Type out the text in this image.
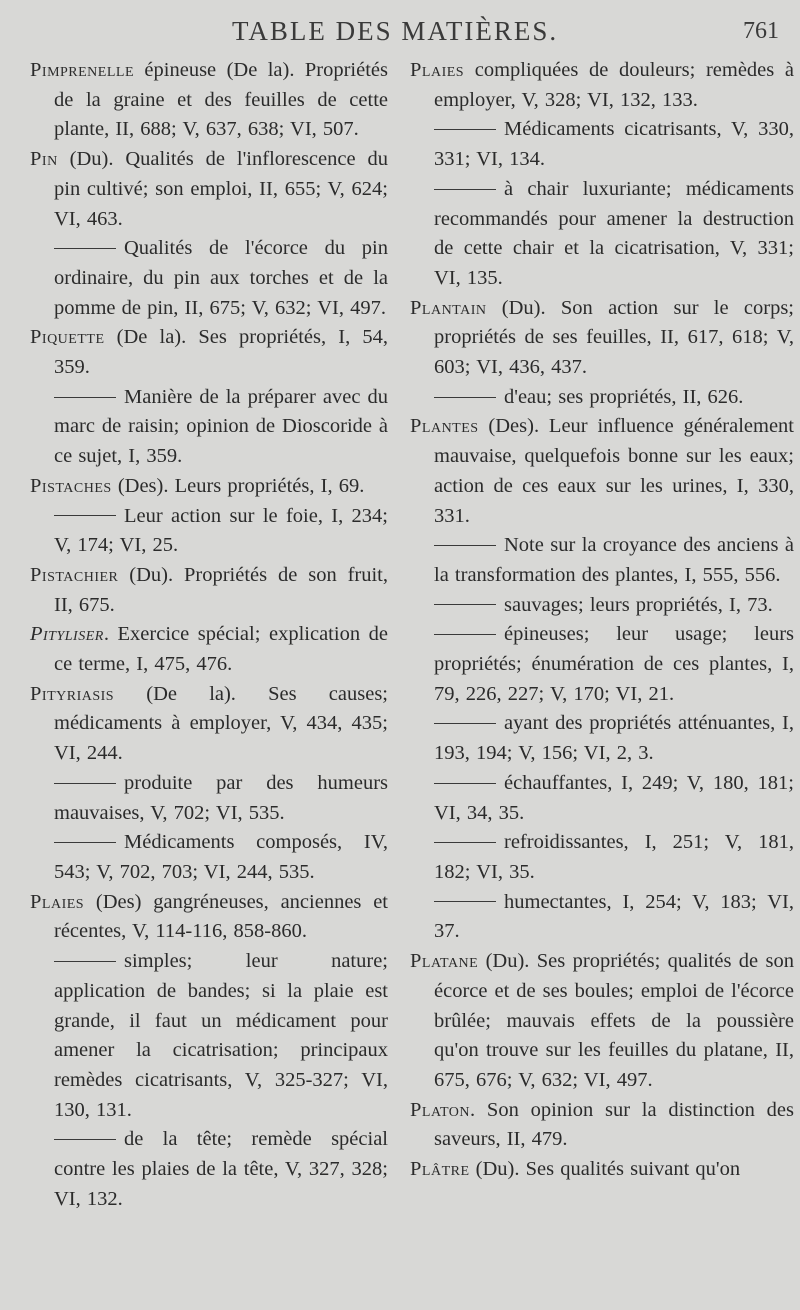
TABLE DES MATIÈRES.	761

Pimprenelle épineuse (De la). Propriétés de la graine et des feuilles de cette plante, II, 688; V, 637, 638; VI, 507.

Pin (Du). Qualités de l'inflorescence du pin cultivé; son emploi, II, 655; V, 624; VI, 463.

Qualités de l'écorce du pin ordinaire, du pin aux torches et de la pomme de pin, II, 675; V, 632; VI, 497.

Piquette (De la). Ses propriétés, I, 54, 359.

Manière de la préparer avec du marc de raisin; opinion de Dioscoride à ce sujet, I, 359.

Pistaches (Des). Leurs propriétés, I, 69.

Leur action sur le foie, I, 234; V, 174; VI, 25.

Pistachier (Du). Propriétés de son fruit, II, 675.

Pityliser. Exercice spécial; explication de ce terme, I, 475, 476.

Pityriasis (De la). Ses causes; médicaments à employer, V, 434, 435; VI, 244.

produite par des humeurs mauvaises, V, 702; VI, 535.

Médicaments composés, IV, 543; V, 702, 703; VI, 244, 535.

Plaies (Des) gangréneuses, anciennes et récentes, V, 114-116, 858-860.

simples; leur nature; application de bandes; si la plaie est grande, il faut un médicament pour amener la cicatrisation; principaux remèdes cicatrisants, V, 325-327; VI, 130, 131.

de la tête; remède spécial contre les plaies de la tête, V, 327, 328; VI, 132.

Plaies compliquées de douleurs; remèdes à employer, V, 328; VI, 132, 133.

Médicaments cicatrisants, V, 330, 331; VI, 134.

à chair luxuriante; médicaments recommandés pour amener la destruction de cette chair et la cicatrisation, V, 331; VI, 135.

Plantain (Du). Son action sur le corps; propriétés de ses feuilles, II, 617, 618; V, 603; VI, 436, 437.

d'eau; ses propriétés, II, 626.

Plantes (Des). Leur influence généralement mauvaise, quelquefois bonne sur les eaux; action de ces eaux sur les urines, I, 330, 331.

Note sur la croyance des anciens à la transformation des plantes, I, 555, 556.

sauvages; leurs propriétés, I, 73.

épineuses; leur usage; leurs propriétés; énumération de ces plantes, I, 79, 226, 227; V, 170; VI, 21.

ayant des propriétés atténuantes, I, 193, 194; V, 156; VI, 2, 3.

échauffantes, I, 249; V, 180, 181; VI, 34, 35.

refroidissantes, I, 251; V, 181, 182; VI, 35.

humectantes, I, 254; V, 183; VI, 37.

Platane (Du). Ses propriétés; qualités de son écorce et de ses boules; emploi de l'écorce brûlée; mauvais effets de la poussière qu'on trouve sur les feuilles du platane, II, 675, 676; V, 632; VI, 497.

Platon. Son opinion sur la distinction des saveurs, II, 479.

Plâtre (Du). Ses qualités suivant qu'on
